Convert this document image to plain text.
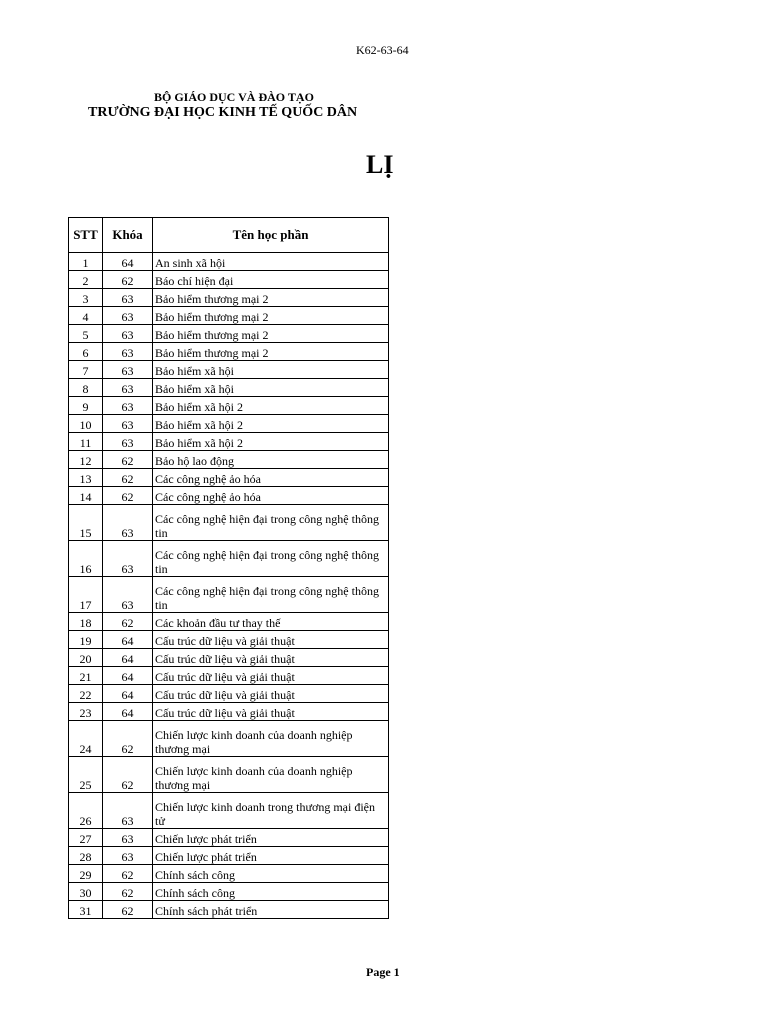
K62-63-64
BỘ GIÁO DỤC VÀ ĐÀO TẠO
TRƯỜNG ĐẠI HỌC KINH TẾ QUỐC DÂN
LỊ
STT	Khóa	Tên học phần
1	64	An sinh xã hội
2	62	Báo chí hiện đại
3	63	Bảo hiểm thương mại 2
4	63	Bảo hiểm thương mại 2
5	63	Bảo hiểm thương mại 2
6	63	Bảo hiểm thương mại 2
7	63	Bảo hiểm xã hội
8	63	Bảo hiểm xã hội
9	63	Bảo hiểm xã hội 2
10	63	Bảo hiểm xã hội 2
11	63	Bảo hiểm xã hội 2
12	62	Bảo hộ lao động
13	62	Các công nghệ ảo hóa
14	62	Các công nghệ ảo hóa
15	63	Các công nghệ hiện đại trong công nghệ thông tin
16	63	Các công nghệ hiện đại trong công nghệ thông tin
17	63	Các công nghệ hiện đại trong công nghệ thông tin
18	62	Các khoản đầu tư thay thế
19	64	Cấu trúc dữ liệu và giải thuật
20	64	Cấu trúc dữ liệu và giải thuật
21	64	Cấu trúc dữ liệu và giải thuật
22	64	Cấu trúc dữ liệu và giải thuật
23	64	Cấu trúc dữ liệu và giải thuật
24	62	Chiến lược kinh doanh của doanh nghiệp thương mại
25	62	Chiến lược kinh doanh của doanh nghiệp thương mại
26	63	Chiến lược kinh doanh trong thương mại điện tử
27	63	Chiến lược phát triển
28	63	Chiến lược phát triển
29	62	Chính sách công
30	62	Chính sách công
31	62	Chính sách phát triển
Page 1
